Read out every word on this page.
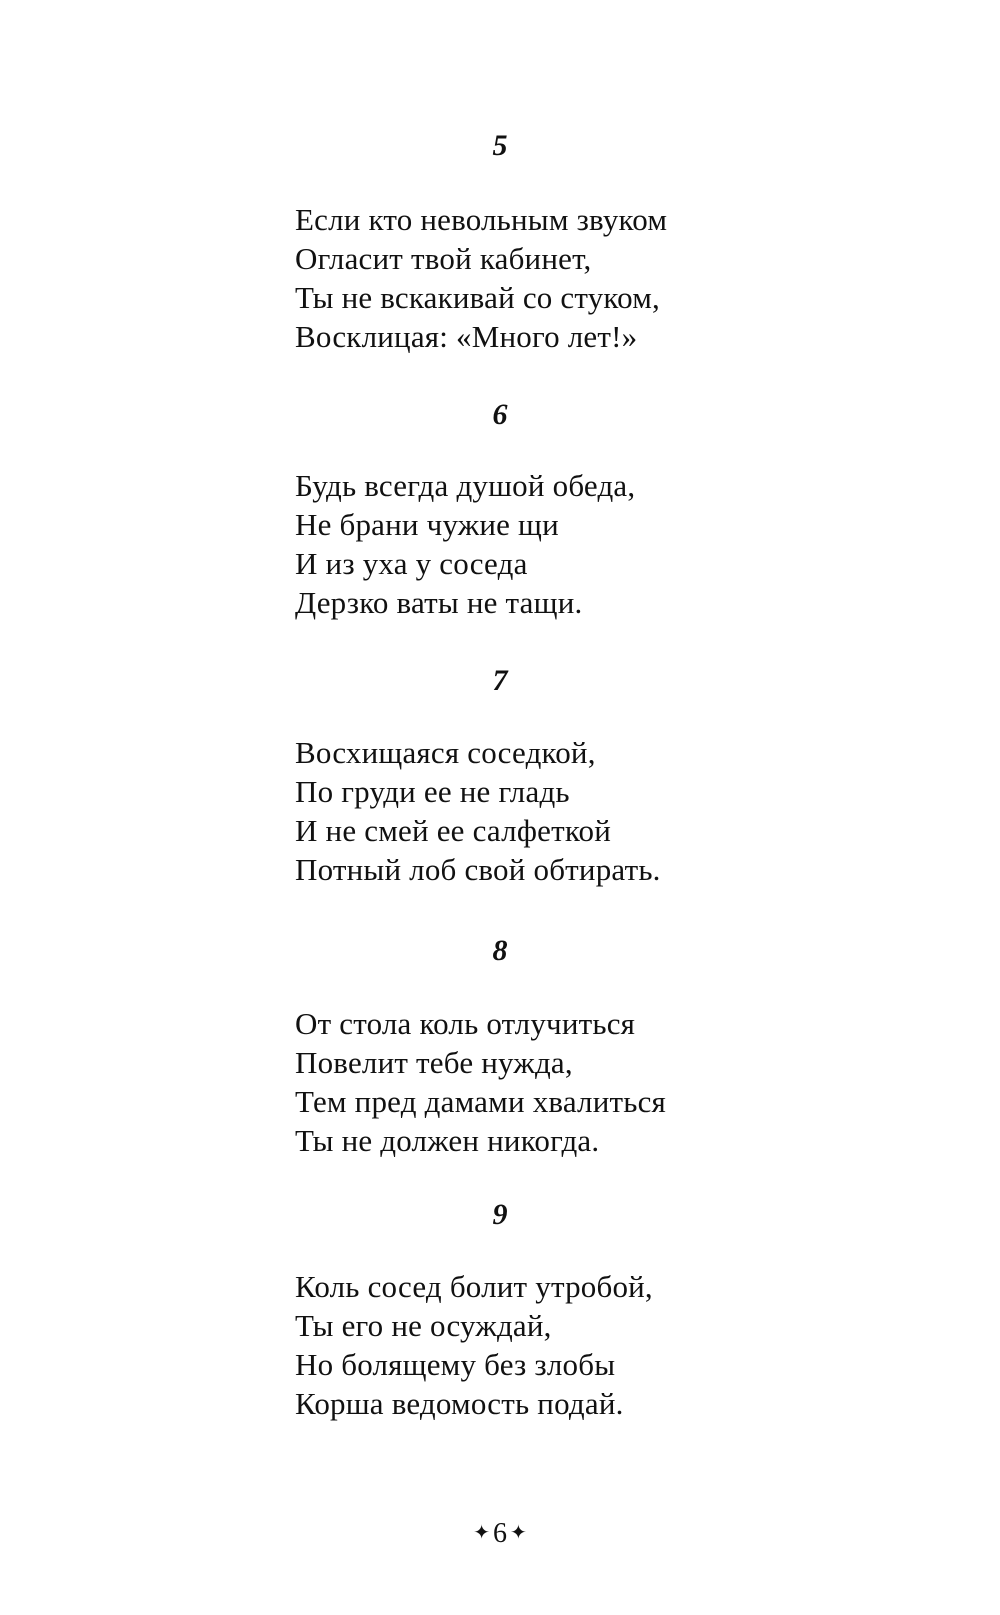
5

Если кто невольным звуком
Огласит твой кабинет,
Ты не вскакивай со стуком,
Восклицая: «Много лет!»

6

Будь всегда душой обеда,
Не брани чужие щи
И из уха у соседа
Дерзко ваты не тащи.

7

Восхищаяся соседкой,
По груди ее не гладь
И не смей ее салфеткой
Потный лоб свой обтирать.

8

От стола коль отлучиться
Повелит тебе нужда,
Тем пред дамами хвалиться
Ты не должен никогда.

9

Коль сосед болит утробой,
Ты его не осуждай,
Но болящему без злобы
Корша ведомость подай.
✦ 6 ✦
